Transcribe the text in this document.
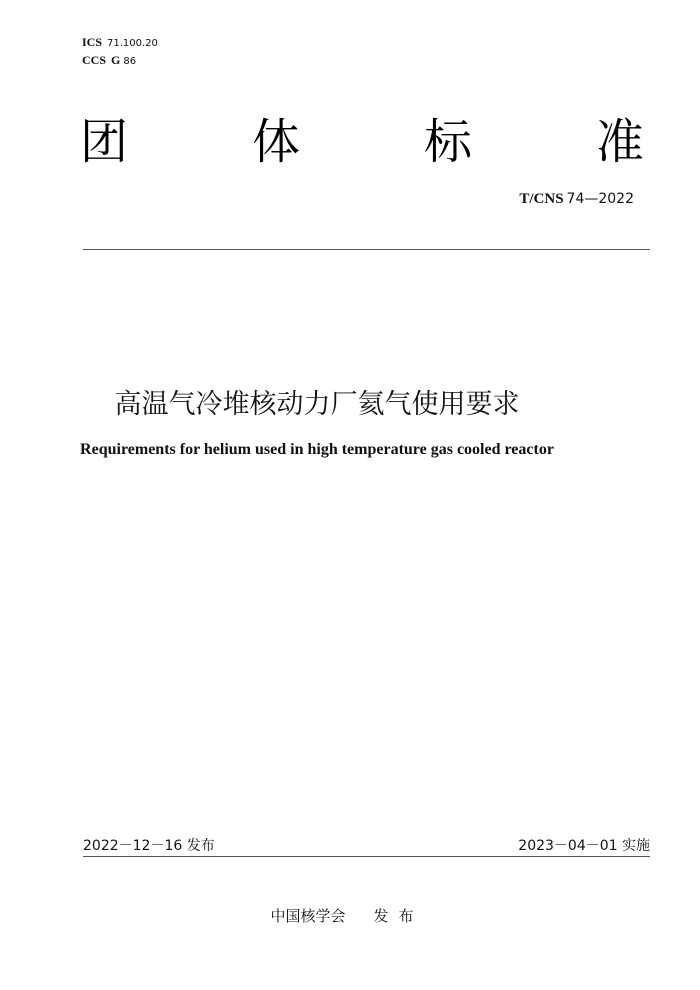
ICS 71.100.20
CCS G 86
团	体	标	准
T/CNS 74—2022
高温气冷堆核动力厂氦气使用要求
Requirements for helium used in high temperature gas cooled reactor
2022－12－16 发布	2023－04－01 实施
中国核学会 发布
